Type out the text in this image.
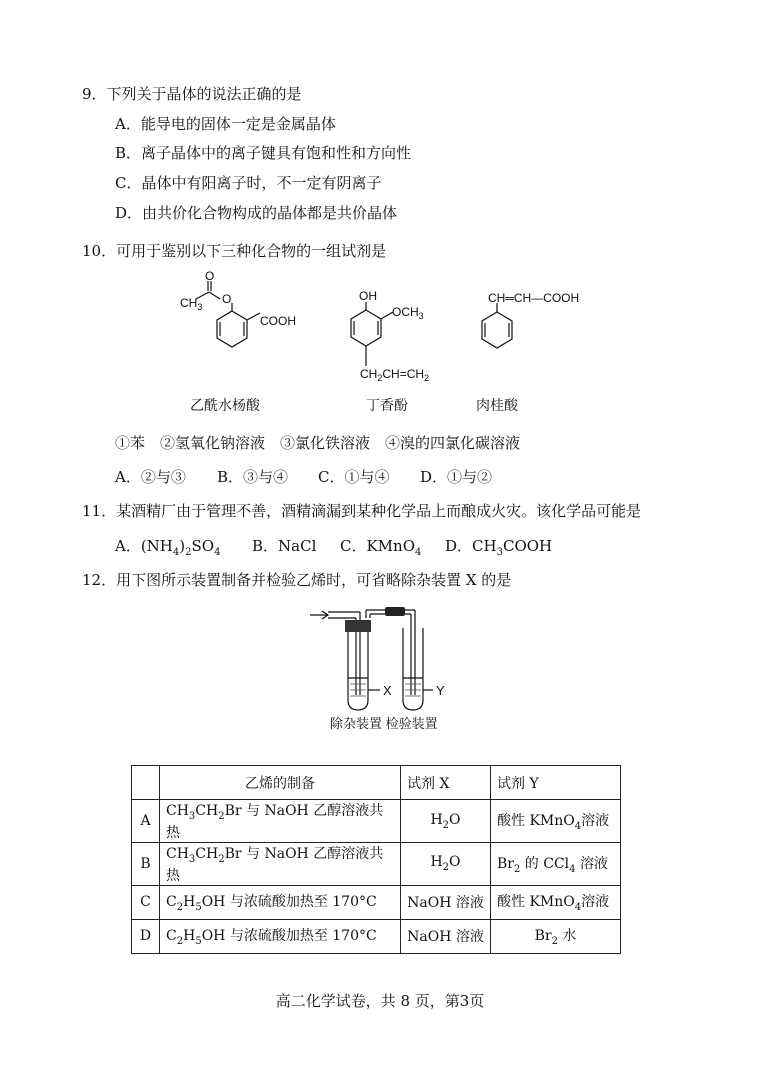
9．下列关于晶体的说法正确的是
A．能导电的固体一定是金属晶体
B．离子晶体中的离子键具有饱和性和方向性
C．晶体中有阳离子时，不一定有阴离子
D．由共价化合物构成的晶体都是共价晶体
10．可用于鉴别以下三种化合物的一组试剂是
$CH_3$
O
O
COOH
乙酰水杨酸
OH
$OCH_3$
$CH_2CH=CH_2$
丁香酚
CH═CH—COOH
肉桂酸
①苯　②氢氧化钠溶液　③氯化铁溶液　④溴的四氯化碳溶液
A．②与③ B．③与④ C．①与④ D．①与②
11．某酒精厂由于管理不善，酒精滴漏到某种化学品上而酿成火灾。该化学品可能是
A．$(NH_4)_2SO_4$ B．NaCl C．KMnO$_4$ D．$CH_3COOH$
12．用下图所示装置制备并检验乙烯时，可省略除杂装置 X 的是
X	Y
除杂装置 检验装置
	乙烯的制备	试剂 X	试剂 Y
A	$CH_3CH_2Br$ 与 NaOH 乙醇溶液共热	$H_2O$	酸性 KMnO$_4$溶液
B	$CH_3CH_2Br$ 与 NaOH 乙醇溶液共热	$H_2O$	$Br_2$ 的 CCl$_4$ 溶液
C	$C_2H_5OH$ 与浓硫酸加热至 170°C	NaOH 溶液	酸性 KMnO$_4$溶液
D	$C_2H_5OH$ 与浓硫酸加热至 170°C	NaOH 溶液	$Br_2$ 水
高二化学试卷，共 8 页，第3页
